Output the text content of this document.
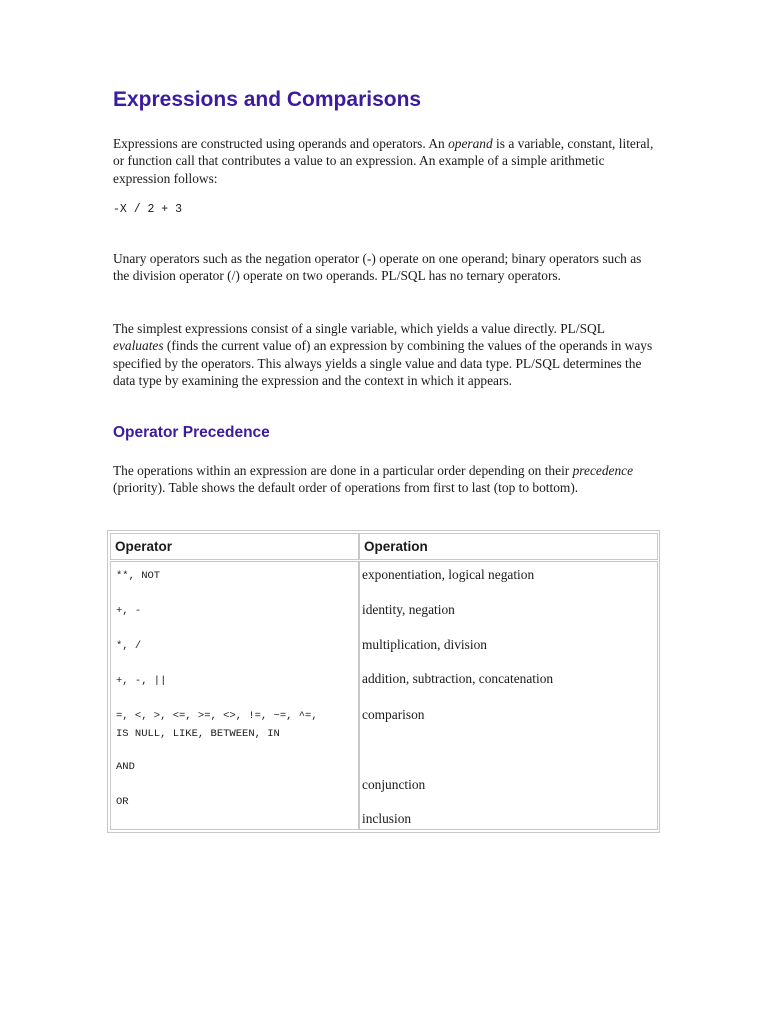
Expressions and Comparisons

Expressions are constructed using operands and operators. An operand is a variable, constant, literal, or function call that contributes a value to an expression. An example of a simple arithmetic expression follows:

-X / 2 + 3

Unary operators such as the negation operator (-) operate on one operand; binary operators such as the division operator (/) operate on two operands. PL/SQL has no ternary operators.

The simplest expressions consist of a single variable, which yields a value directly. PL/SQL evaluates (finds the current value of) an expression by combining the values of the operands in ways specified by the operators. This always yields a single value and data type. PL/SQL determines the data type by examining the expression and the context in which it appears.

Operator Precedence

The operations within an expression are done in a particular order depending on their precedence (priority). Table shows the default order of operations from first to last (top to bottom).

Operator	Operation
**, NOT
+, -
*, /
+, -, ||
=, <, >, <=, >=, <>, !=, ~=, ^=,
IS NULL, LIKE, BETWEEN, IN
AND
OR
exponentiation, logical negation
identity, negation
multiplication, division
addition, subtraction, concatenation
comparison
conjunction
inclusion
